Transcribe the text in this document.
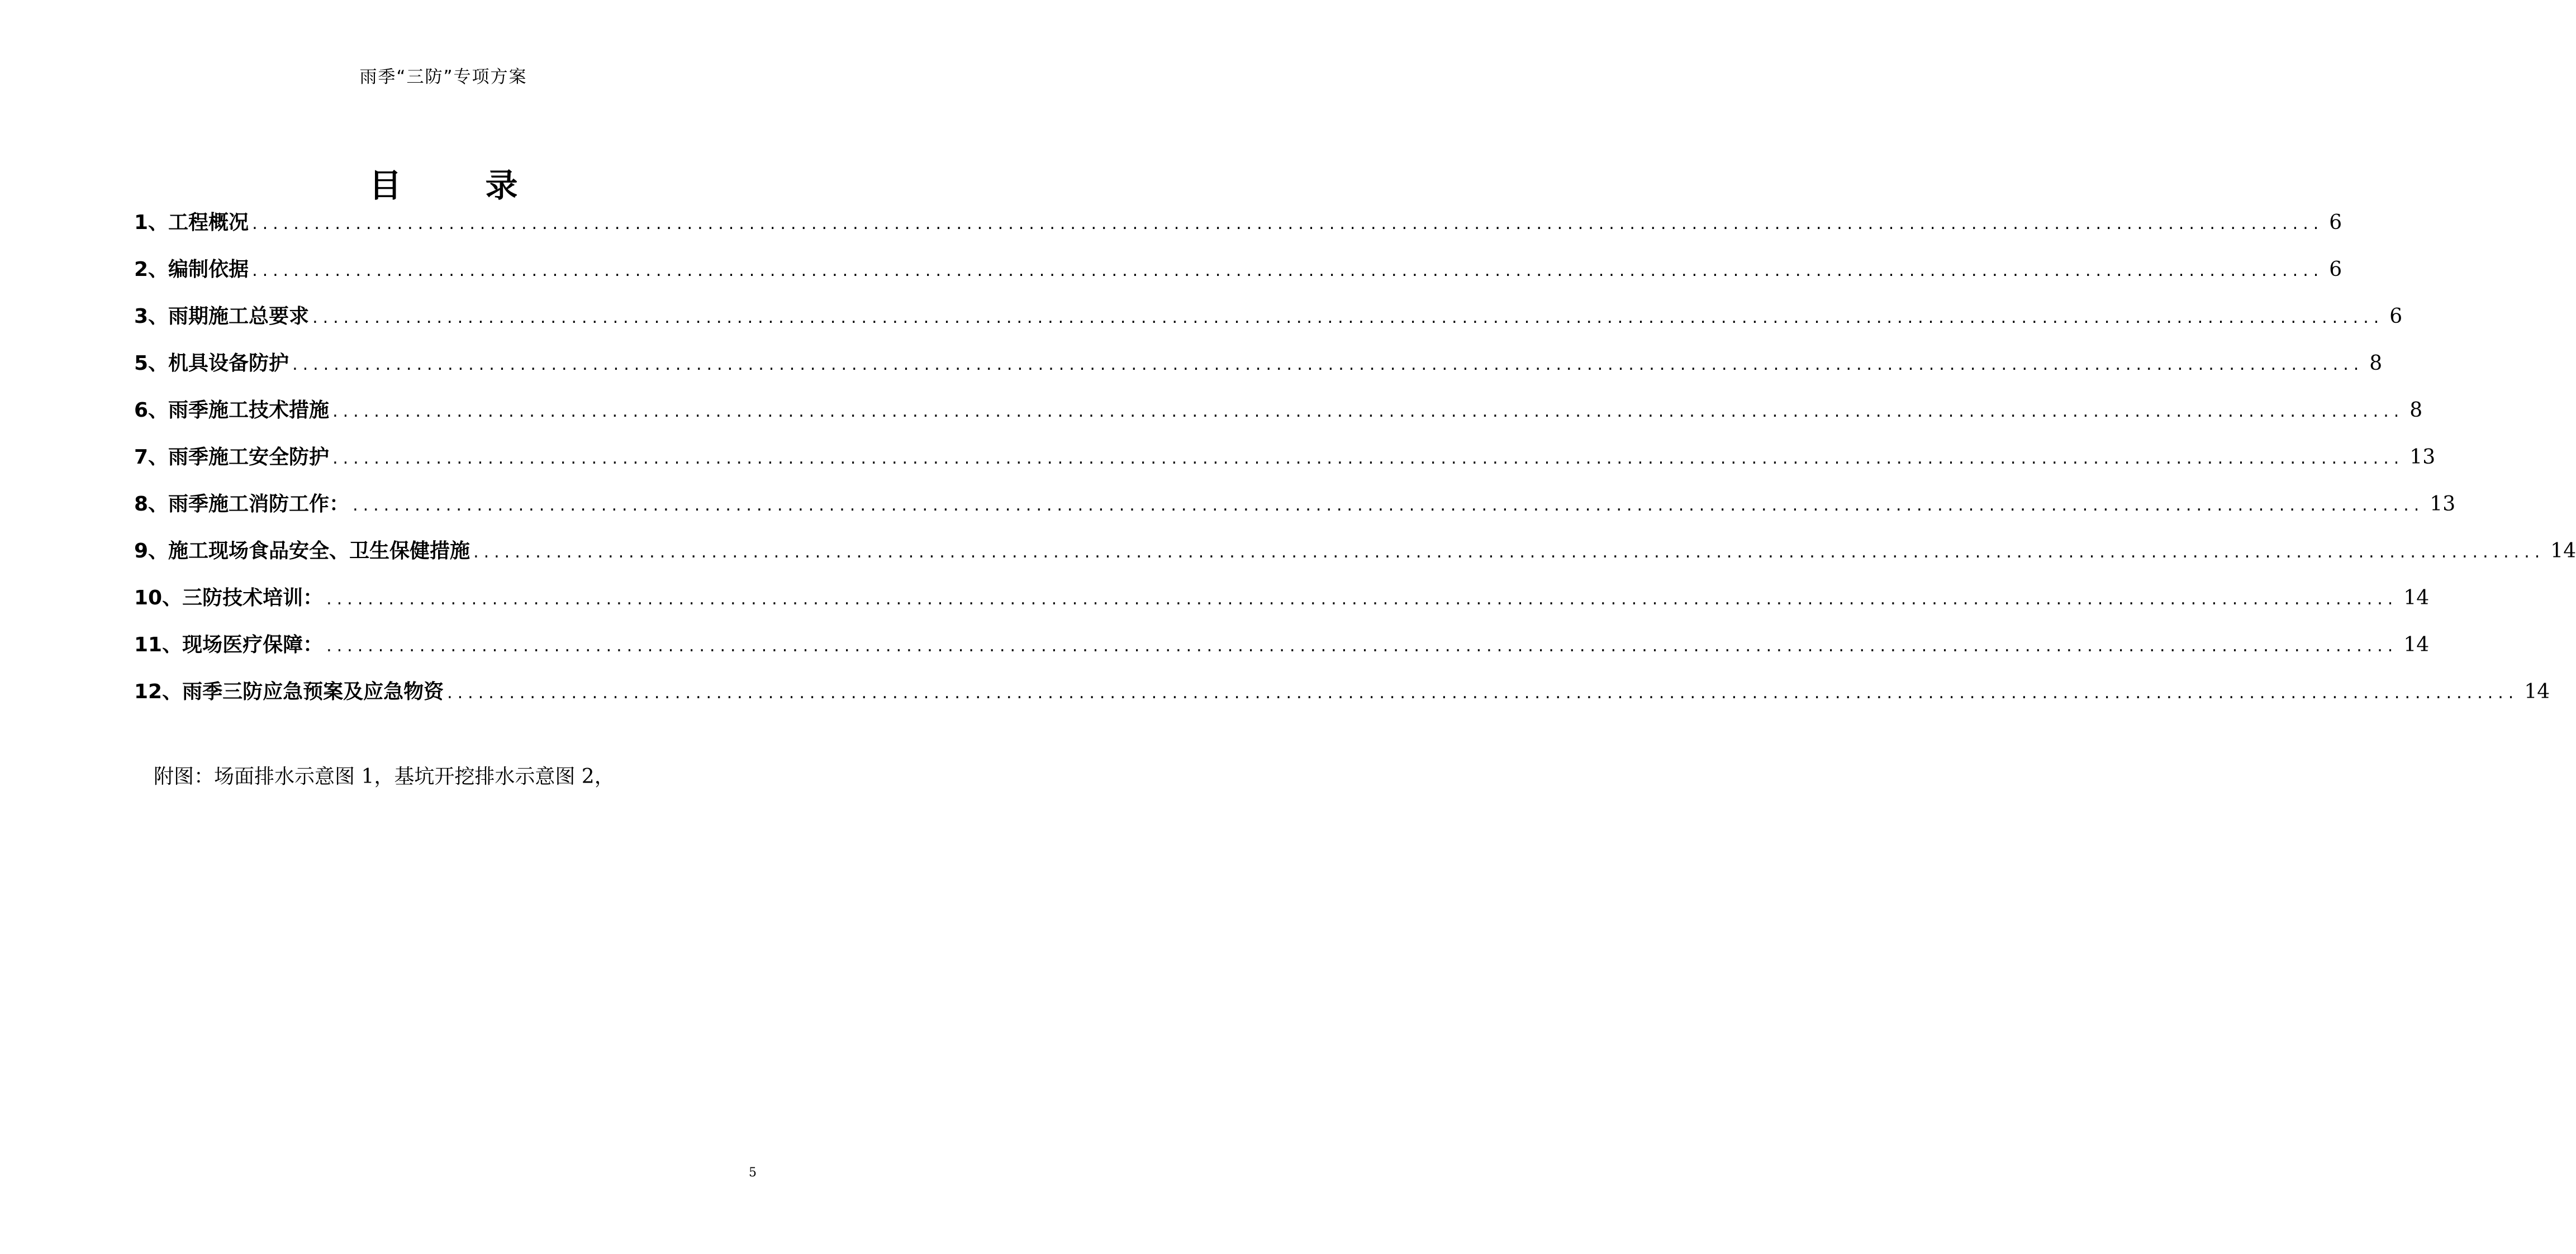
雨季“三防”专项方案
目	录
1、工程概况 ........................................................................................................................................................................................................ 6
2、编制依据 ........................................................................................................................................................................................................ 6
3、雨期施工总要求 ........................................................................................................................................................................................................ 6
5、机具设备防护 ........................................................................................................................................................................................................ 8
6、雨季施工技术措施 ........................................................................................................................................................................................................ 8
7、雨季施工安全防护 ........................................................................................................................................................................................................ 13
8、雨季施工消防工作： ........................................................................................................................................................................................................ 13
9、施工现场食品安全、卫生保健措施 ........................................................................................................................................................................................................ 14
10、三防技术培训： ........................................................................................................................................................................................................ 14
11、现场医疗保障： ........................................................................................................................................................................................................ 14
12、雨季三防应急预案及应急物资 ........................................................................................................................................................................................................ 14
附图：场面排水示意图 1，基坑开挖排水示意图 2，
5
